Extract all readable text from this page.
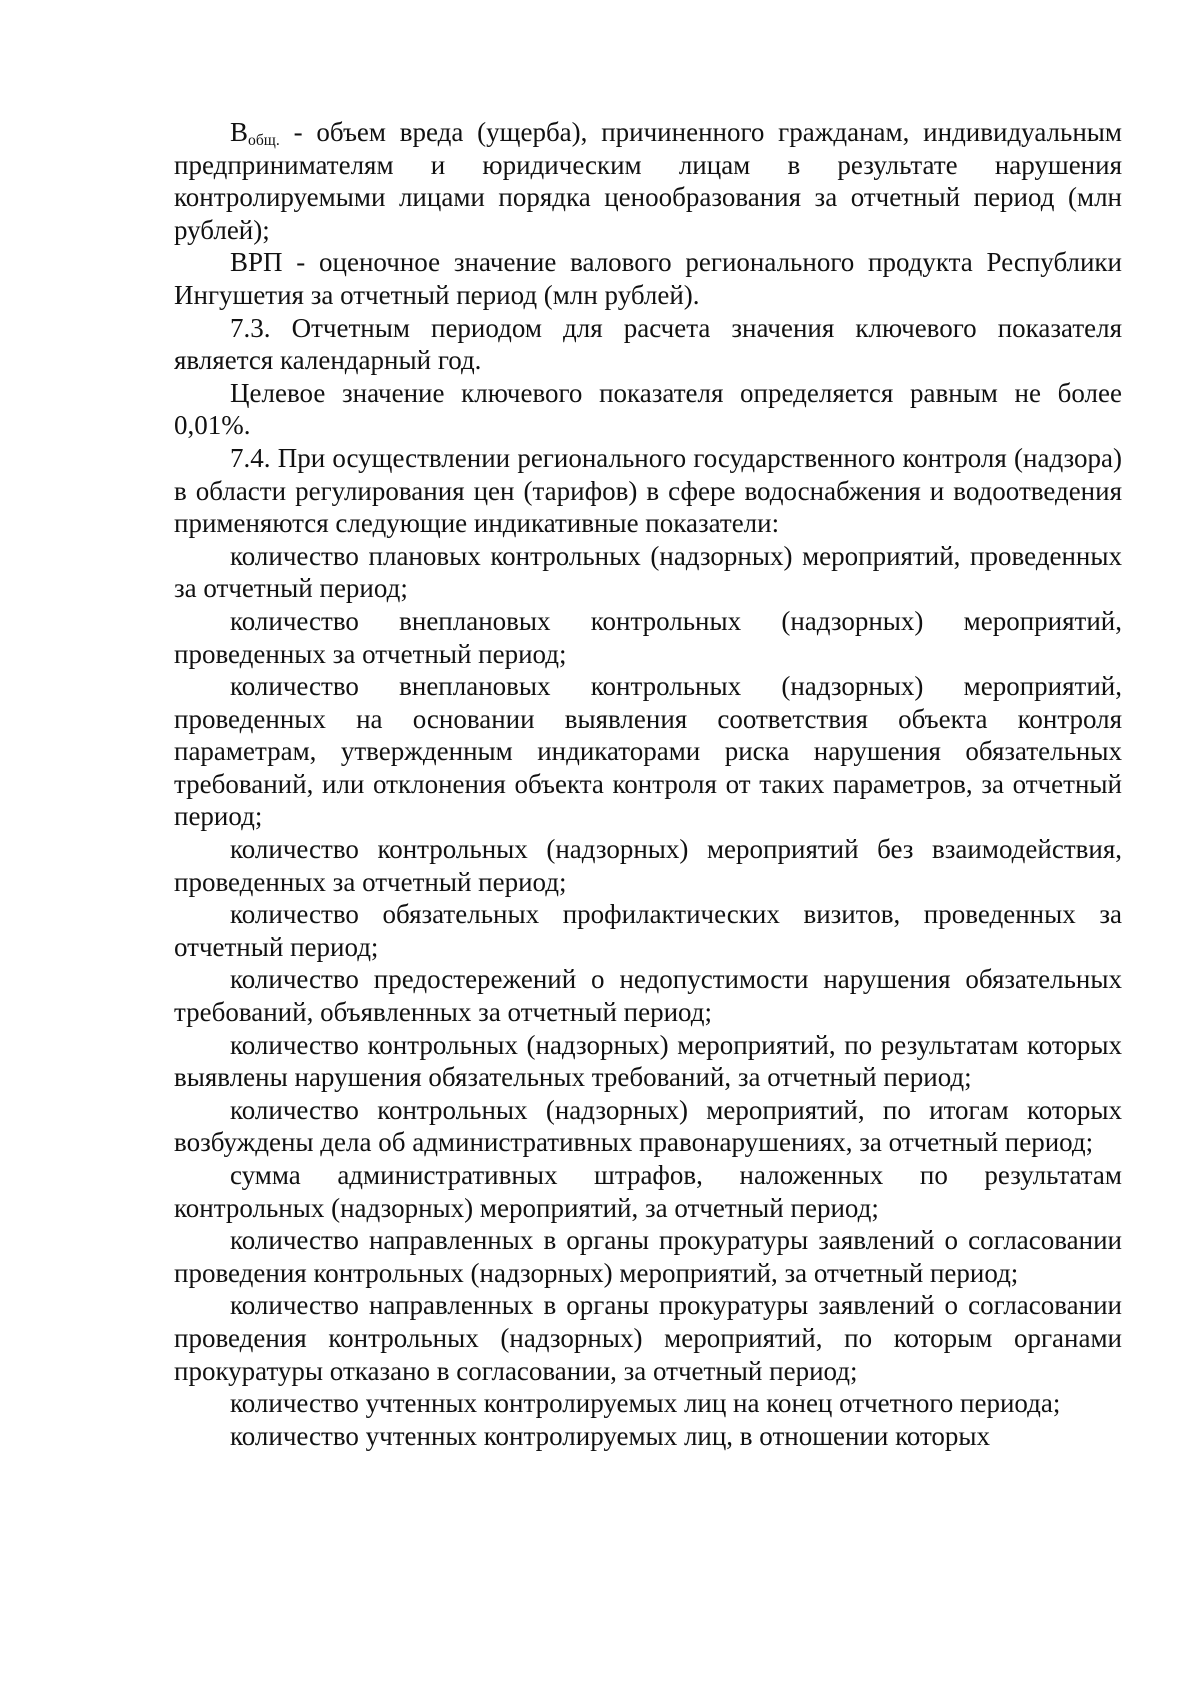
$В_{общ.}$ - объем вреда (ущерба), причиненного гражданам, индивидуальным предпринимателям и юридическим лицам в результате нарушения контролируемыми лицами порядка ценообразования за отчетный период (млн рублей);

ВРП - оценочное значение валового регионального продукта Республики Ингушетия за отчетный период (млн рублей).

7.3. Отчетным периодом для расчета значения ключевого показателя является календарный год.

Целевое значение ключевого показателя определяется равным не более 0,01%.

7.4. При осуществлении регионального государственного контроля (надзора) в области регулирования цен (тарифов) в сфере водоснабжения и водоотведения применяются следующие индикативные показатели:

количество плановых контрольных (надзорных) мероприятий, проведенных за отчетный период;

количество внеплановых контрольных (надзорных) мероприятий, проведенных за отчетный период;

количество внеплановых контрольных (надзорных) мероприятий, проведенных на основании выявления соответствия объекта контроля параметрам, утвержденным индикаторами риска нарушения обязательных требований, или отклонения объекта контроля от таких параметров, за отчетный период;

количество контрольных (надзорных) мероприятий без взаимодействия, проведенных за отчетный период;

количество обязательных профилактических визитов, проведенных за отчетный период;

количество предостережений о недопустимости нарушения обязательных требований, объявленных за отчетный период;

количество контрольных (надзорных) мероприятий, по результатам которых выявлены нарушения обязательных требований, за отчетный период;

количество контрольных (надзорных) мероприятий, по итогам которых возбуждены дела об административных правонарушениях, за отчетный период;

сумма административных штрафов, наложенных по результатам контрольных (надзорных) мероприятий, за отчетный период;

количество направленных в органы прокуратуры заявлений о согласовании проведения контрольных (надзорных) мероприятий, за отчетный период;

количество направленных в органы прокуратуры заявлений о согласовании проведения контрольных (надзорных) мероприятий, по которым органами прокуратуры отказано в согласовании, за отчетный период;

количество учтенных контролируемых лиц на конец отчетного периода;

количество учтенных контролируемых лиц, в отношении которых
